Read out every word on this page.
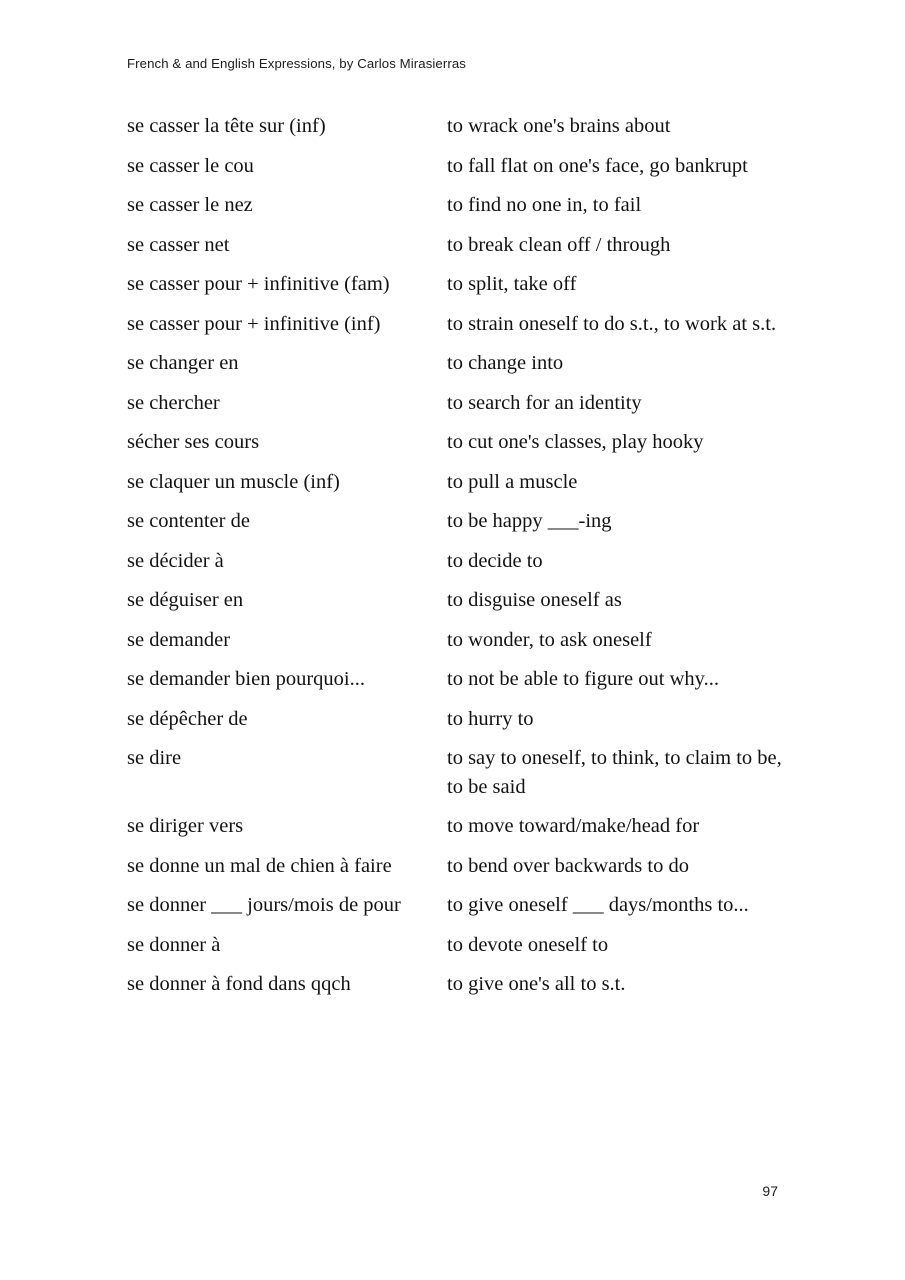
French & and English Expressions, by Carlos Mirasierras
se casser la tête sur (inf)	to wrack one's brains about
se casser le cou	to fall flat on one's face, go bankrupt
se casser le nez	to find no one in, to fail
se casser net	to break clean off / through
se casser pour + infinitive (fam)	to split, take off
se casser pour + infinitive (inf)	to strain oneself to do s.t., to work at s.t.
se changer en	to change into
se chercher	to search for an identity
sécher ses cours	to cut one's classes, play hooky
se claquer un muscle (inf)	to pull a muscle
se contenter de	to be happy ___-ing
se décider à	to decide to
se déguiser en	to disguise oneself as
se demander	to wonder, to ask oneself
se demander bien pourquoi...	to not be able to figure out why...
se dépêcher de	to hurry to
se dire	to say to oneself, to think, to claim to be, to be said
se diriger vers	to move toward/make/head for
se donne un mal de chien à faire	to bend over backwards to do
se donner ___ jours/mois de pour	to give oneself ___ days/months to...
se donner à	to devote oneself to
se donner à fond dans qqch	to give one's all to s.t.
97
